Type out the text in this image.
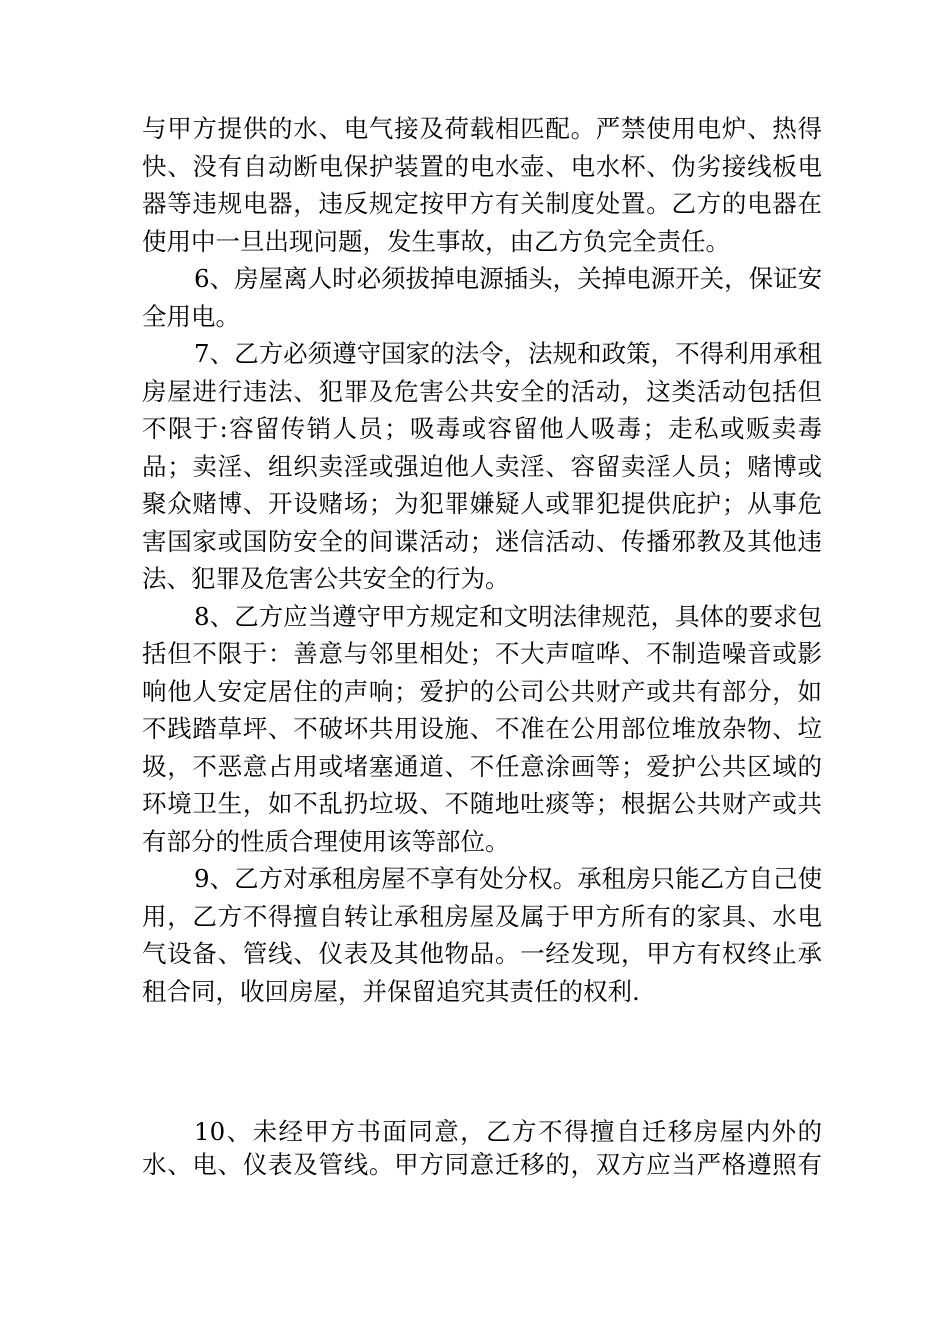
与甲方提供的水、电气接及荷载相匹配。严禁使用电炉、热得
快、没有自动断电保护装置的电水壶、电水杯、伪劣接线板电
器等违规电器，违反规定按甲方有关制度处置。乙方的电器在
使用中一旦出现问题，发生事故，由乙方负完全责任。
6、房屋离人时必须拔掉电源插头，关掉电源开关，保证安
全用电。
7、乙方必须遵守国家的法令，法规和政策，不得利用承租
房屋进行违法、犯罪及危害公共安全的活动，这类活动包括但
不限于:容留传销人员；吸毒或容留他人吸毒；走私或贩卖毒
品；卖淫、组织卖淫或强迫他人卖淫、容留卖淫人员；赌博或
聚众赌博、开设赌场；为犯罪嫌疑人或罪犯提供庇护；从事危
害国家或国防安全的间谍活动；迷信活动、传播邪教及其他违
法、犯罪及危害公共安全的行为。
8、乙方应当遵守甲方规定和文明法律规范，具体的要求包
括但不限于：善意与邻里相处；不大声喧哗、不制造噪音或影
响他人安定居住的声响；爱护的公司公共财产或共有部分，如
不践踏草坪、不破坏共用设施、不准在公用部位堆放杂物、垃
圾，不恶意占用或堵塞通道、不任意涂画等；爱护公共区域的
环境卫生，如不乱扔垃圾、不随地吐痰等；根据公共财产或共
有部分的性质合理使用该等部位。
9、乙方对承租房屋不享有处分权。承租房只能乙方自己使
用，乙方不得擅自转让承租房屋及属于甲方所有的家具、水电
气设备、管线、仪表及其他物品。一经发现，甲方有权终止承
租合同，收回房屋，并保留追究其责任的权利.
10、未经甲方书面同意，乙方不得擅自迁移房屋内外的
水、电、仪表及管线。甲方同意迁移的，双方应当严格遵照有
